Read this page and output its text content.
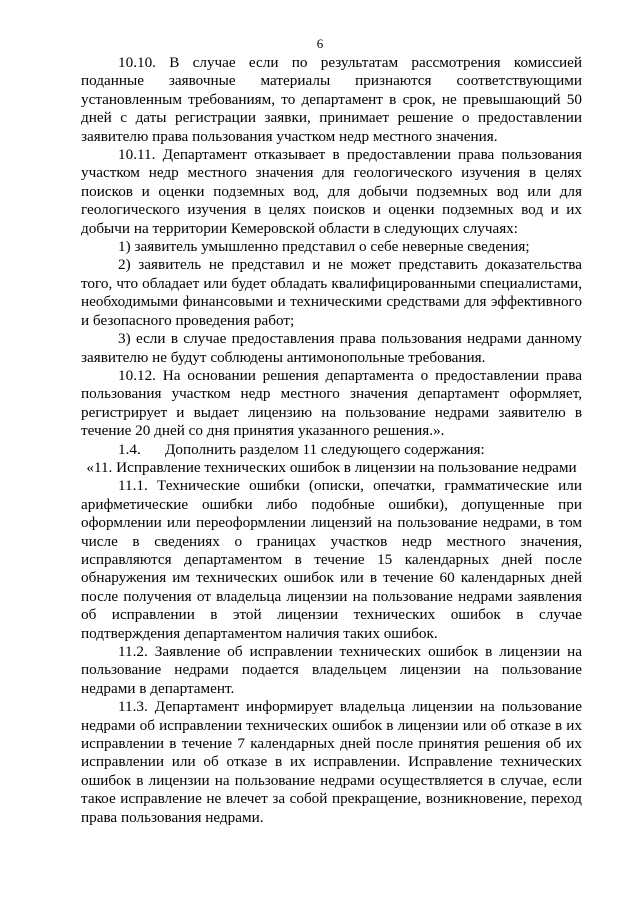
6

10.10. В случае если по результатам рассмотрения комиссией поданные заявочные материалы признаются соответствующими установленным требованиям, то департамент в срок, не превышающий 50 дней с даты регистрации заявки, принимает решение о предоставлении заявителю права пользования участком недр местного значения.

10.11. Департамент отказывает в предоставлении права пользования участком недр местного значения для геологического изучения в целях поисков и оценки подземных вод, для добычи подземных вод или для геологического изучения в целях поисков и оценки подземных вод и их добычи на территории Кемеровской области в следующих случаях:

1) заявитель умышленно представил о себе неверные сведения;

2) заявитель не представил и не может представить доказательства того, что обладает или будет обладать квалифицированными специалистами, необходимыми финансовыми и техническими средствами для эффективного и безопасного проведения работ;

3) если в случае предоставления права пользования недрами данному заявителю не будут соблюдены антимонопольные требования.

10.12. На основании решения департамента о предоставлении права пользования участком недр местного значения департамент оформляет, регистрирует и выдает лицензию на пользование недрами заявителю в течение 20 дней со дня принятия указанного решения.».

1.4. Дополнить разделом 11 следующего содержания:

«11. Исправление технических ошибок в лицензии на пользование недрами

11.1. Технические ошибки (описки, опечатки, грамматические или арифметические ошибки либо подобные ошибки), допущенные при оформлении или переоформлении лицензий на пользование недрами, в том числе в сведениях о границах участков недр местного значения, исправляются департаментом в течение 15 календарных дней после обнаружения им технических ошибок или в течение 60 календарных дней после получения от владельца лицензии на пользование недрами заявления об исправлении в этой лицензии технических ошибок в случае подтверждения департаментом наличия таких ошибок.

11.2. Заявление об исправлении технических ошибок в лицензии на пользование недрами подается владельцем лицензии на пользование недрами в департамент.

11.3. Департамент информирует владельца лицензии на пользование недрами об исправлении технических ошибок в лицензии или об отказе в их исправлении в течение 7 календарных дней после принятия решения об их исправлении или об отказе в их исправлении. Исправление технических ошибок в лицензии на пользование недрами осуществляется в случае, если такое исправление не влечет за собой прекращение, возникновение, переход права пользования недрами.
